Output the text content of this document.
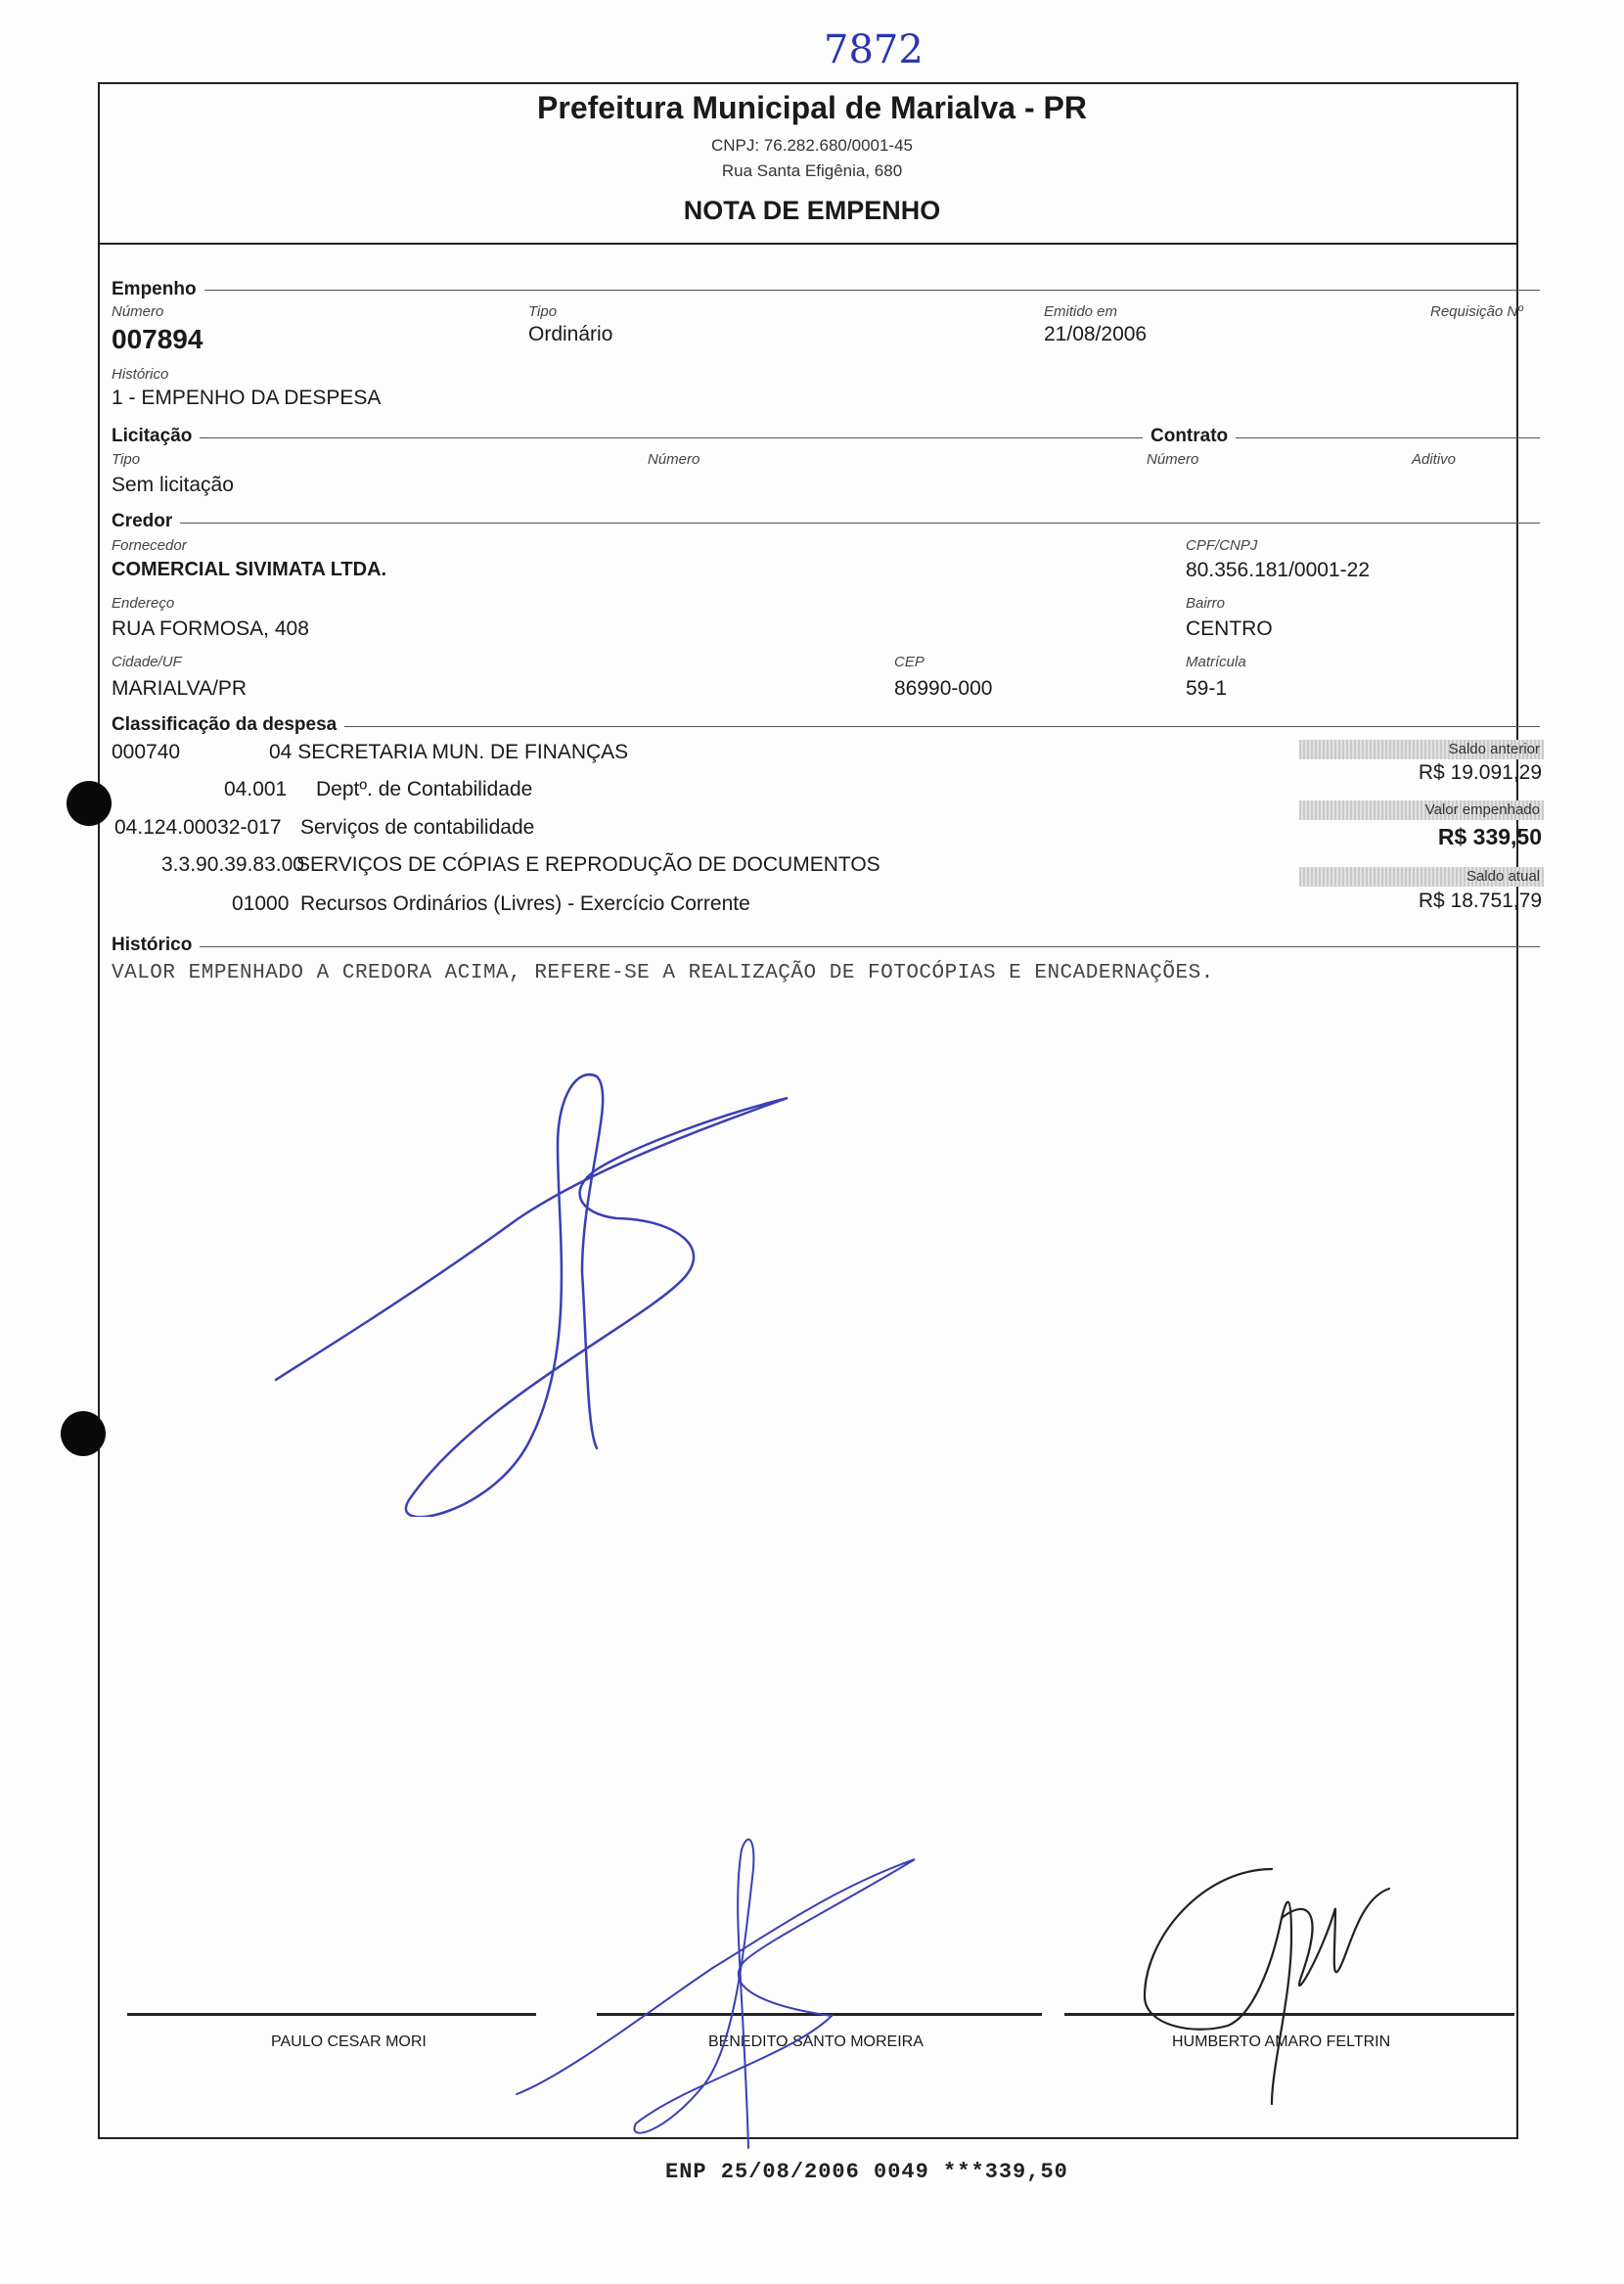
7872
Prefeitura Municipal de Marialva - PR
CNPJ: 76.282.680/0001-45
Rua Santa Efigênia, 680
NOTA DE EMPENHO
Empenho
Número
007894
Tipo
Ordinário
Emitido em
21/08/2006
Requisição Nº
Histórico
1 - EMPENHO DA DESPESA
Licitação	Contrato
Tipo
Sem licitação
Número	Número	Aditivo
Credor
Fornecedor
COMERCIAL SIVIMATA LTDA.
CPF/CNPJ
80.356.181/0001-22
Endereço
RUA FORMOSA, 408
Bairro
CENTRO
Cidade/UF
MARIALVA/PR
CEP
86990-000
Matrícula
59-1
Classificação da despesa
000740	04 SECRETARIA MUN. DE FINANÇAS
04.001 Deptº. de Contabilidade
04.124.00032-017 Serviços de contabilidade
3.3.90.39.83.00
SERVIÇOS DE CÓPIAS E REPRODUÇÃO DE DOCUMENTOS
01000 Recursos Ordinários (Livres) - Exercício Corrente
Saldo anterior
R$ 19.091,29
Valor empenhado
R$ 339,50
Saldo atual
R$ 18.751,79
Histórico
VALOR EMPENHADO A CREDORA ACIMA, REFERE-SE A REALIZAÇÃO DE FOTOCÓPIAS E ENCADERNAÇÕES.
PAULO CESAR MORI	BENEDITO SANTO MOREIRA	HUMBERTO AMARO FELTRIN
ENP 25/08/2006 0049 ***339,50
